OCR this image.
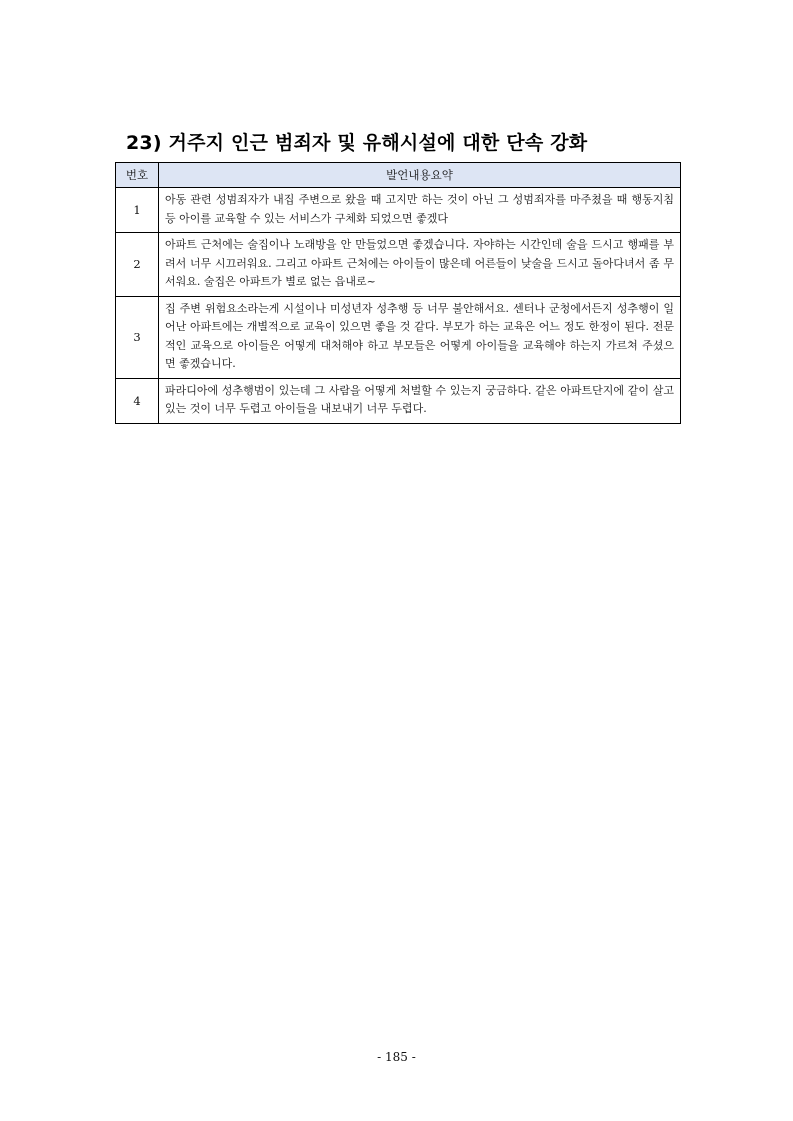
23) 거주지 인근 범죄자 및 유해시설에 대한 단속 강화
번호	발언내용요약
1	아동 관련 성범죄자가 내집 주변으로 왔을 때 고지만 하는 것이 아닌 그 성범죄자를 마주쳤을 때 행동지침 등 아이를 교육할 수 있는 서비스가 구체화 되었으면 좋겠다
2	아파트 근처에는 술집이나 노래방을 안 만들었으면 좋겠습니다. 자야하는 시간인데 술을 드시고 행패를 부려서 너무 시끄러워요. 그리고 아파트 근처에는 아이들이 많은데 어른들이 낮술을 드시고 돌아다녀서 좀 무서워요. 술집은 아파트가 별로 없는 읍내로~
3	집 주변 위험요소라는게 시설이나 미성년자 성추행 등 너무 불안해서요. 센터나 군청에서든지 성추행이 일어난 아파트에는 개별적으로 교육이 있으면 좋을 것 같다. 부모가 하는 교육은 어느 정도 한정이 된다. 전문적인 교육으로 아이들은 어떻게 대처해야 하고 부모들은 어떻게 아이들을 교육해야 하는지 가르쳐 주셨으면 좋겠습니다.
4	파라디아에 성추행범이 있는데 그 사람을 어떻게 처벌할 수 있는지 궁금하다. 같은 아파트단지에 같이 살고 있는 것이 너무 두렵고 아이들을 내보내기 너무 두렵다.
- 185 -
